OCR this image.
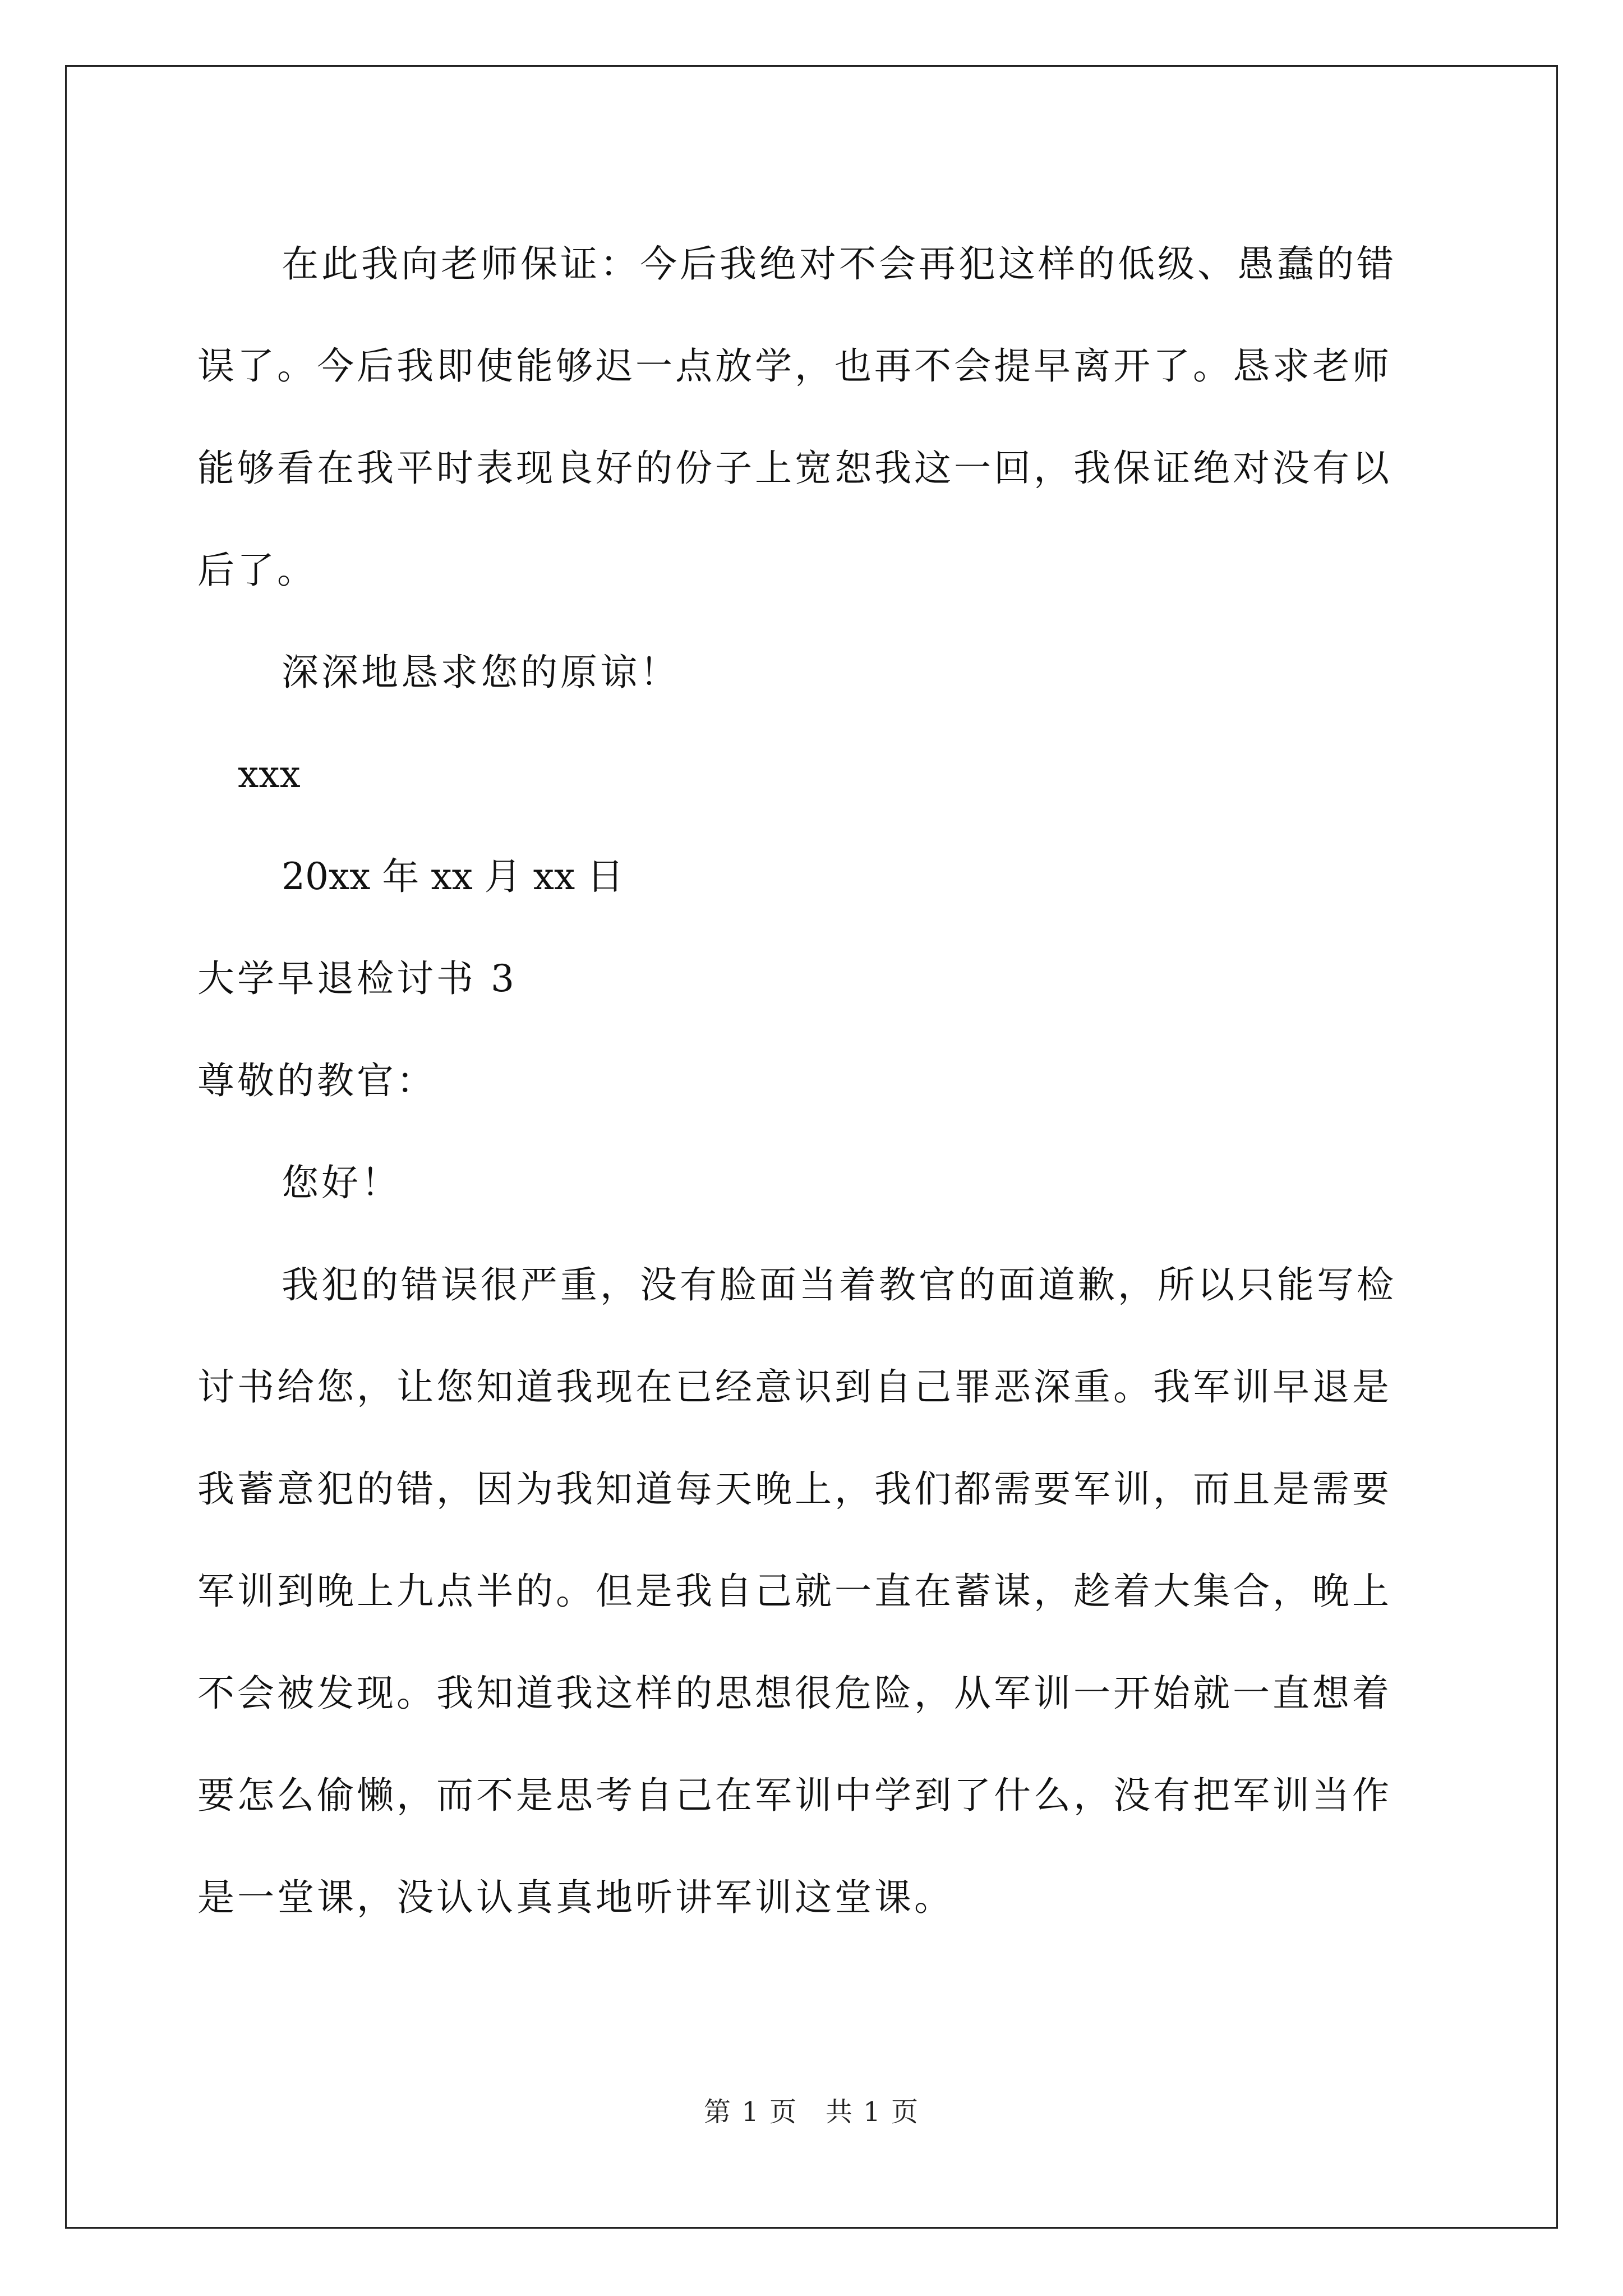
在此我向老师保证：今后我绝对不会再犯这样的低级、愚蠢的错误了。今后我即使能够迟一点放学，也再不会提早离开了。恳求老师能够看在我平时表现良好的份子上宽恕我这一回，我保证绝对没有以后了。

深深地恳求您的原谅！

xxx

20xx 年 xx 月 xx 日

大学早退检讨书 3

尊敬的教官：

您好！

我犯的错误很严重，没有脸面当着教官的面道歉，所以只能写检讨书给您，让您知道我现在已经意识到自己罪恶深重。我军训早退是我蓄意犯的错，因为我知道每天晚上，我们都需要军训，而且是需要军训到晚上九点半的。但是我自己就一直在蓄谋，趁着大集合，晚上不会被发现。我知道我这样的思想很危险，从军训一开始就一直想着要怎么偷懒，而不是思考自己在军训中学到了什么，没有把军训当作是一堂课，没认认真真地听讲军训这堂课。

第 1 页　共 1 页
